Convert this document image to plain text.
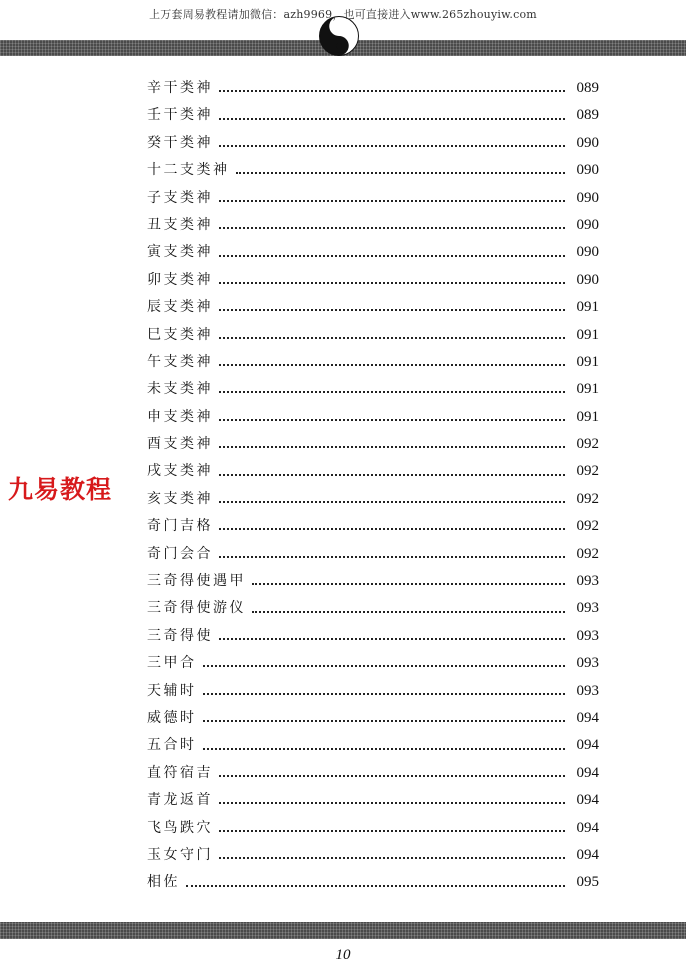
上万套周易教程请加微信：azh9969，也可直接进入www.265zhouyiw.com
辛干类神	089
壬干类神	089
癸干类神	090
十二支类神	090
子支类神	090
丑支类神	090
寅支类神	090
卯支类神	090
辰支类神	091
巳支类神	091
午支类神	091
未支类神	091
申支类神	091
酉支类神	092
戌支类神	092
亥支类神	092
奇门吉格	092
奇门会合	092
三奇得使遇甲	093
三奇得使游仪	093
三奇得使	093
三甲合	093
天辅时	093
威德时	094
五合时	094
直符宿吉	094
青龙返首	094
飞鸟跌穴	094
玉女守门	094
相佐	095
九易教程
10
